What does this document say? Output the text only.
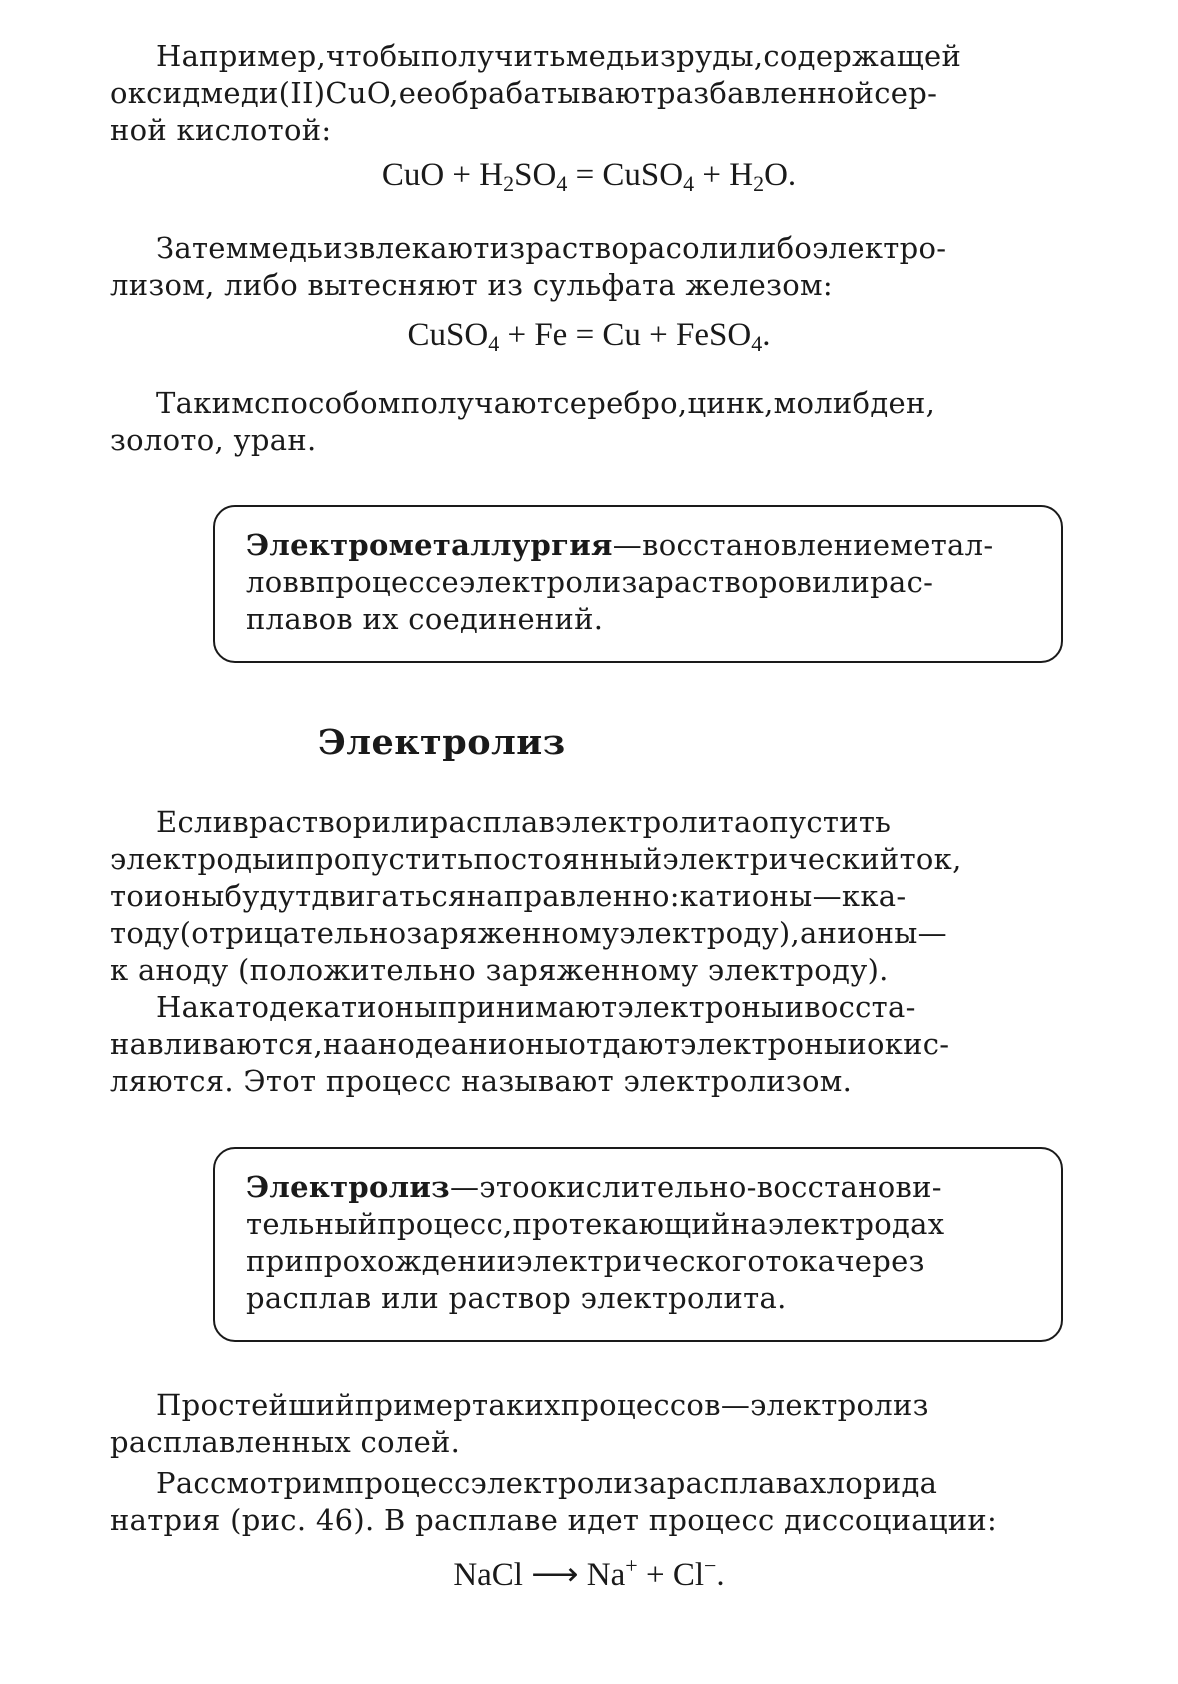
Например,чтобыполучитьмедьизруды,содержащей
оксидмеди(II)CuO,ееобрабатываютразбавленнойсер-
ной кислотой:

CuO + $H_2SO_4$ = CuSO$_4$ + $H_2O$.

Затеммедьизвлекаютизрастворасолилибоэлектро-
лизом, либо вытесняют из сульфата железом:

CuSO$_4$ + Fe = Cu + FeSO$_4$.

Такимспособомполучаютсеребро,цинк,молибден,
золото, уран.

Электрометаллургия—восстановлениеметал-
ловвпроцессеэлектролизарастворовилирас-
плавов их соединений.
Электролиз

Есливрастворилирасплавэлектролитаопустить
электродыипропуститьпостоянныйэлектрическийток,
тоионыбудутдвигатьсянаправленно:катионы—кка-
тоду(отрицательнозаряженномуэлектроду),анионы—
к аноду (положительно заряженному электроду).

Накатодекатионыпринимаютэлектроныивосста-
навливаются,наанодеанионыотдаютэлектроныиокис-
ляются. Этот процесс называют электролизом.

Электролиз—этоокислительно-восстанови-
тельныйпроцесс,протекающийнаэлектродах
припрохожденииэлектрическоготокачерез
расплав или раствор электролита.

Простейшийпримертакихпроцессов—электролиз
расплавленных солей.

Рассмотримпроцессэлектролизарасплавахлорида
натрия (рис. 46). В расплаве идет процесс диссоциации:

NaCl ⟶ Na+ + Cl−.
